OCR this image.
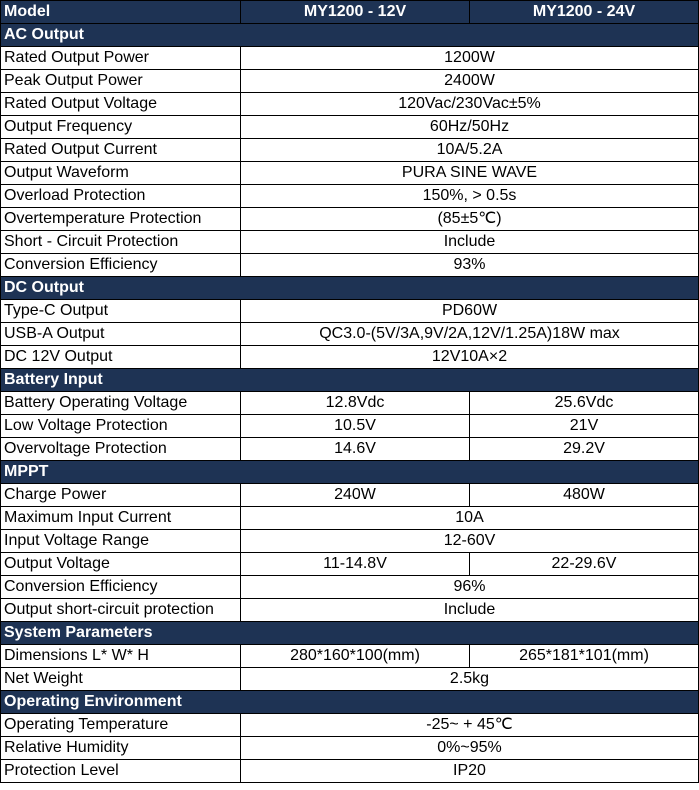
Model	MY1200 - 12V	MY1200 - 24V
AC Output		
Rated Output Power	1200W	
Peak Output Power	2400W	
Rated Output Voltage	120Vac/230Vac±5%	
Output Frequency	60Hz/50Hz	
Rated Output Current	10A/5.2A	
Output Waveform	PURA SINE WAVE	
Overload Protection	150%, > 0.5s	
Overtemperature Protection	(85±5℃)	
Short - Circuit Protection	Include	
Conversion Efficiency	93%	
DC Output		
Type-C Output	PD60W	
USB-A Output	QC3.0-(5V/3A,9V/2A,12V/1.25A)18W max	
DC 12V Output	12V10A×2	
Battery Input		
Battery Operating Voltage	12.8Vdc	25.6Vdc
Low Voltage Protection	10.5V	21V
Overvoltage Protection	14.6V	29.2V
MPPT		
Charge Power	240W	480W
Maximum Input Current	10A	
Input Voltage Range	12-60V	
Output Voltage	11-14.8V	22-29.6V
Conversion Efficiency	96%	
Output short-circuit protection	Include	
System Parameters		
Dimensions L* W* H	280*160*100(mm)	265*181*101(mm)
Net Weight	2.5kg	
Operating Environment		
Operating Temperature	-25~ + 45℃	
Relative Humidity	0%~95%	
Protection Level	IP20	
